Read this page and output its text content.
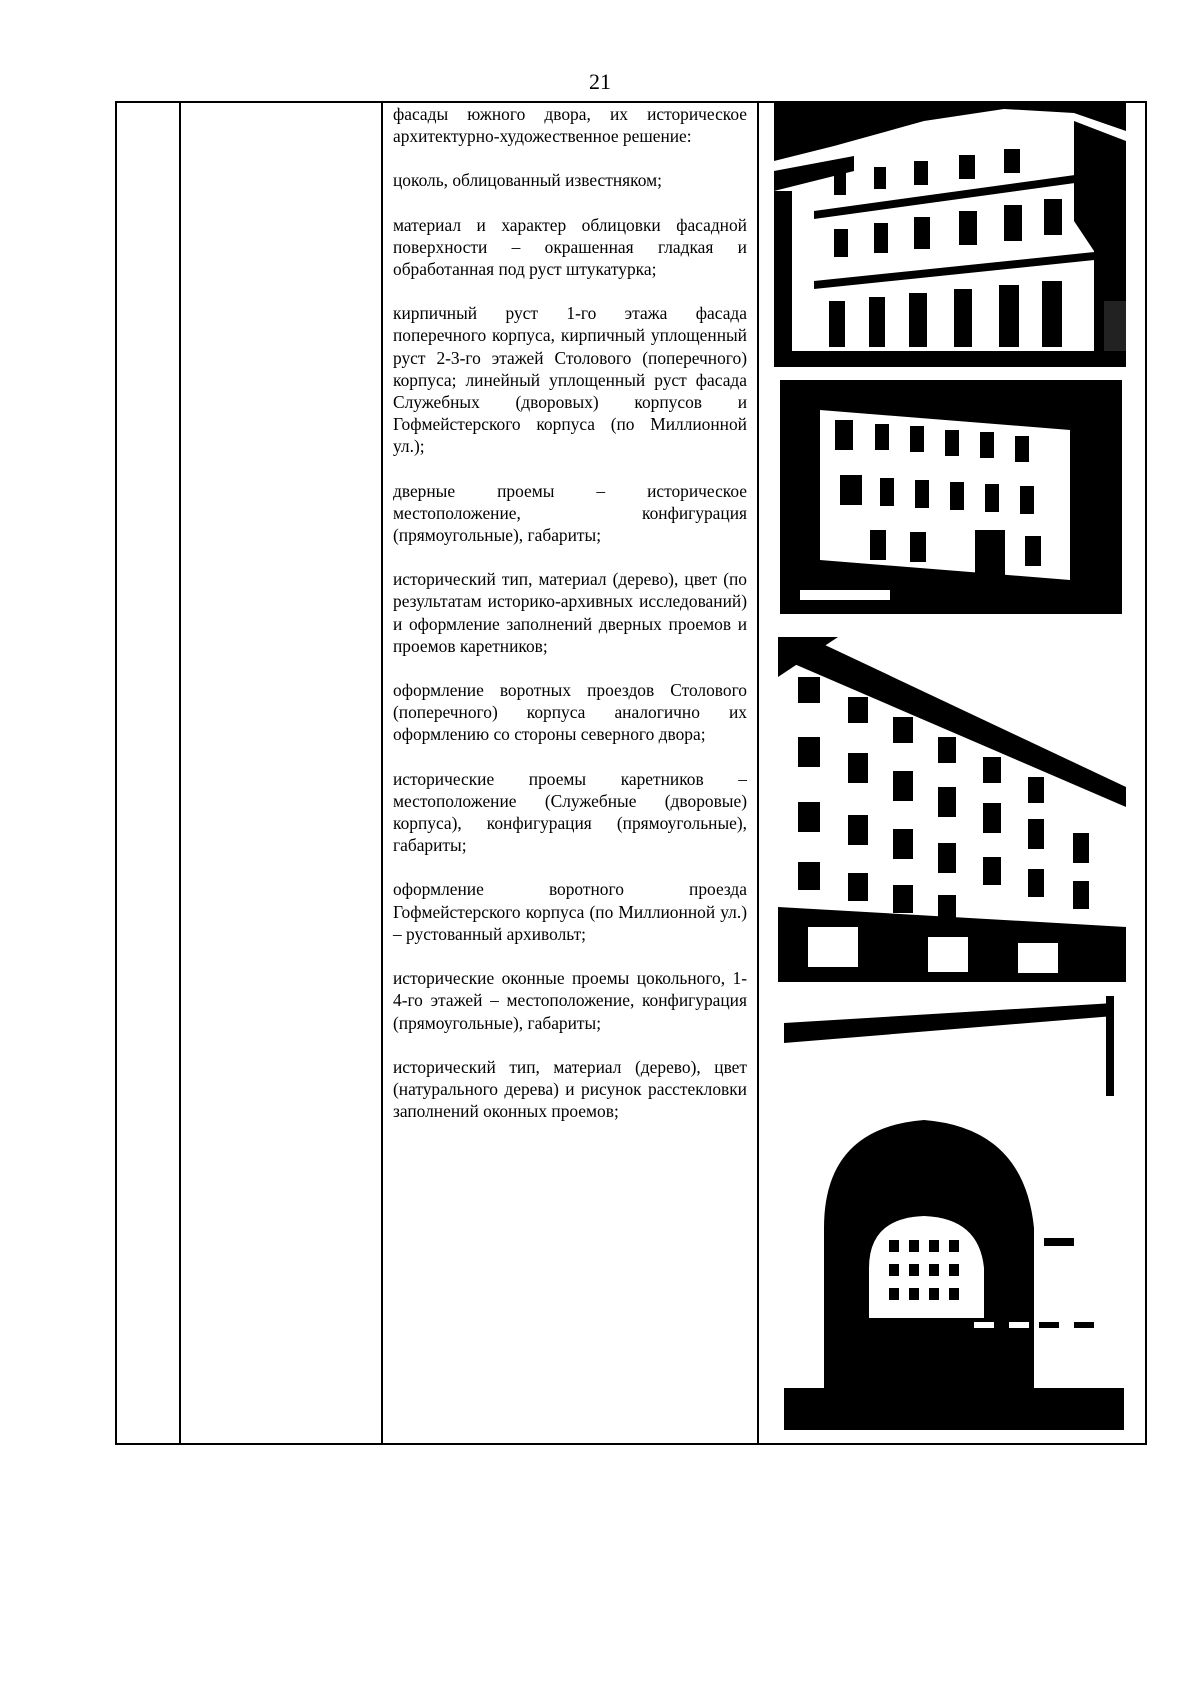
21

фасады южного двора, их историческое архитектурно-художественное решение:

цоколь, облицованный известняком;

материал и характер облицовки фасадной поверхности – окрашенная гладкая и обработанная под руст штукатурка;

кирпичный руст 1-го этажа фасада поперечного корпуса, кирпичный уплощенный руст 2-3-го этажей Столового (поперечного) корпуса; линейный уплощенный руст фасада Служебных (дворовых) корпусов и Гофмейстерского корпуса (по Миллионной ул.);

дверные проемы – историческое местоположение, конфигурация (прямоугольные), габариты;

исторический тип, материал (дерево), цвет (по результатам историко-архивных исследований) и оформление заполнений дверных проемов и проемов каретников;

оформление воротных проездов Столового (поперечного) корпуса аналогично их оформлению со стороны северного двора;

исторические проемы каретников – местоположение (Служебные (дворовые) корпуса), конфигурация (прямоугольные), габариты;

оформление воротного проезда Гофмейстерского корпуса (по Миллионной ул.) – рустованный архивольт;

исторические оконные проемы цокольного, 1-4-го этажей – местоположение, конфигурация (прямоугольные), габариты;

исторический тип, материал (дерево), цвет (натурального дерева) и рисунок расстекловки заполнений оконных проемов;
